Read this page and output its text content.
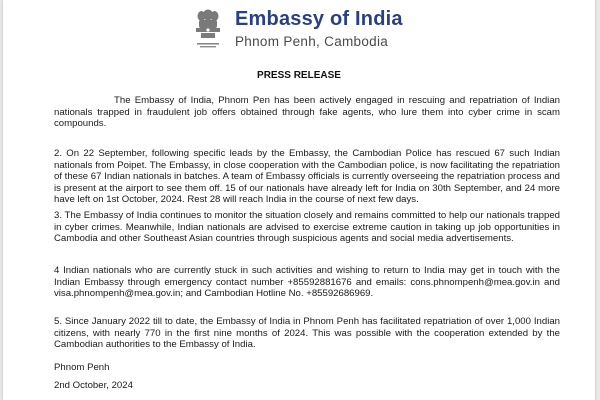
Embassy of India
Phnom Penh, Cambodia
PRESS RELEASE
The Embassy of India, Phnom Pen has been actively engaged in rescuing and repatriation of Indian nationals trapped in fraudulent job offers obtained through fake agents, who lure them into cyber crime in scam compounds.
2. On 22 September, following specific leads by the Embassy, the Cambodian Police has rescued 67 such Indian nationals from Poipet. The Embassy, in close cooperation with the Cambodian police, is now facilitating the repatriation of these 67 Indian nationals in batches. A team of Embassy officials is currently overseeing the repatriation process and is present at the airport to see them off. 15 of our nationals have already left for India on 30th September, and 24 more have left on 1st October, 2024. Rest 28 will reach India in the course of next few days.
3. The Embassy of India continues to monitor the situation closely and remains committed to help our nationals trapped in cyber crimes. Meanwhile, Indian nationals are advised to exercise extreme caution in taking up job opportunities in Cambodia and other Southeast Asian countries through suspicious agents and social media advertisements.
4 Indian nationals who are currently stuck in such activities and wishing to return to India may get in touch with the Indian Embassy through emergency contact number +85592881676 and emails: cons.phnompenh@mea.gov.in and visa.phnompenh@mea.gov.in; and Cambodian Hotline No. +85592686969.
5. Since January 2022 till to date, the Embassy of India in Phnom Penh has facilitated repatriation of over 1,000 Indian citizens, with nearly 770 in the first nine months of 2024. This was possible with the cooperation extended by the Cambodian authorities to the Embassy of India.
Phnom Penh
2nd October, 2024
